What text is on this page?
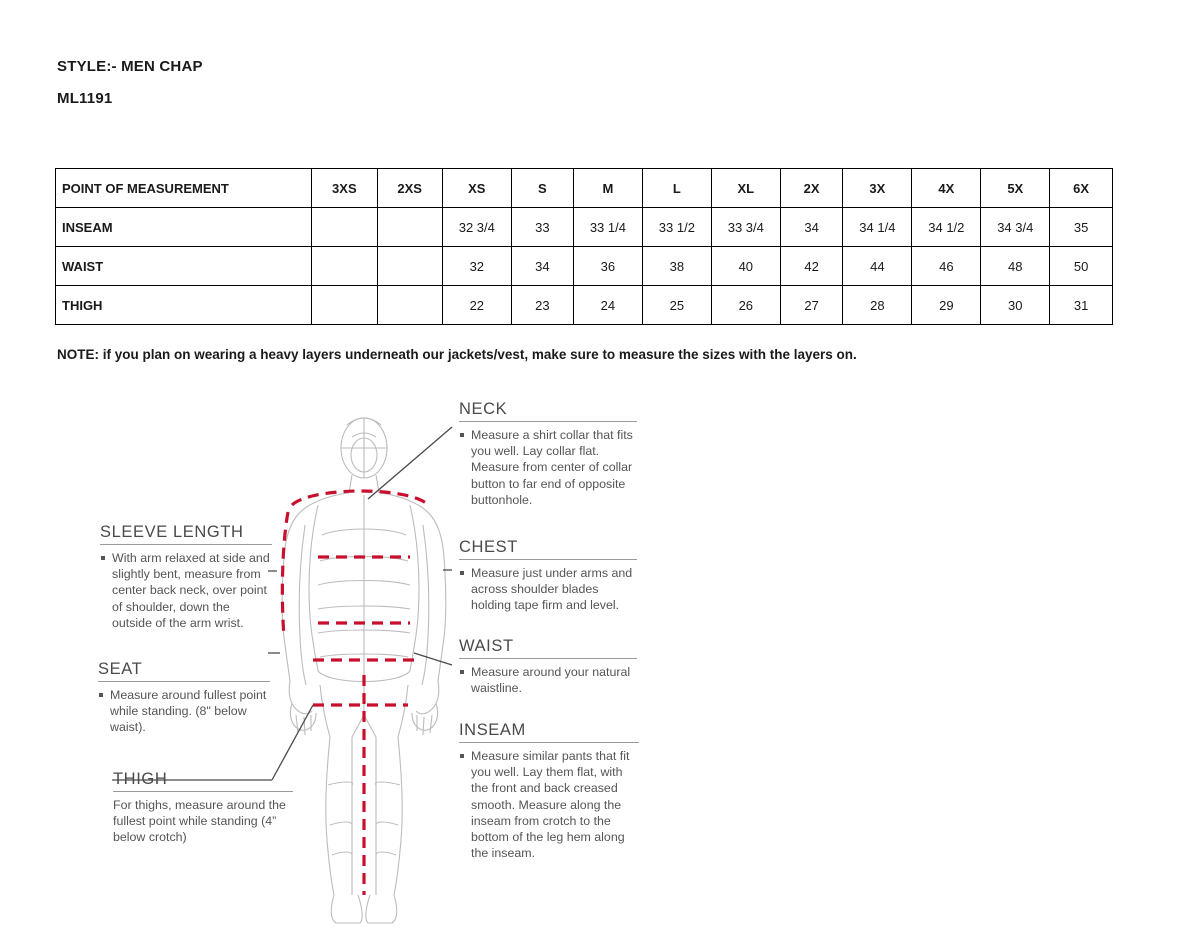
STYLE:- MEN CHAP
ML1191
POINT OF MEASUREMENT	3XS	2XS	XS	S	M	L	XL	2X	3X	4X	5X	6X
INSEAM			32 3/4	33	33 1/4	33 1/2	33 3/4	34	34 1/4	34 1/2	34 3/4	35
WAIST			32	34	36	38	40	42	44	46	48	50
THIGH			22	23	24	25	26	27	28	29	30	31
NOTE: if you plan on wearing a heavy layers underneath our jackets/vest, make sure to measure the sizes with the layers on.
NECK
Measure a shirt collar that fits you well. Lay collar flat. Measure from center of collar button to far end of opposite buttonhole.
CHEST
Measure just under arms and across shoulder blades holding tape firm and level.
WAIST
Measure around your natural waistline.
INSEAM
Measure similar pants that fit you well. Lay them flat, with the front and back creased smooth. Measure along the inseam from crotch to the bottom of the leg hem along the inseam.
SLEEVE LENGTH
With arm relaxed at side and slightly bent, measure from center back neck, over point of shoulder, down the outside of the arm wrist.
SEAT
Measure around fullest point while standing. (8" below waist).
THIGH
For thighs, measure around the fullest point while standing (4” below crotch)
